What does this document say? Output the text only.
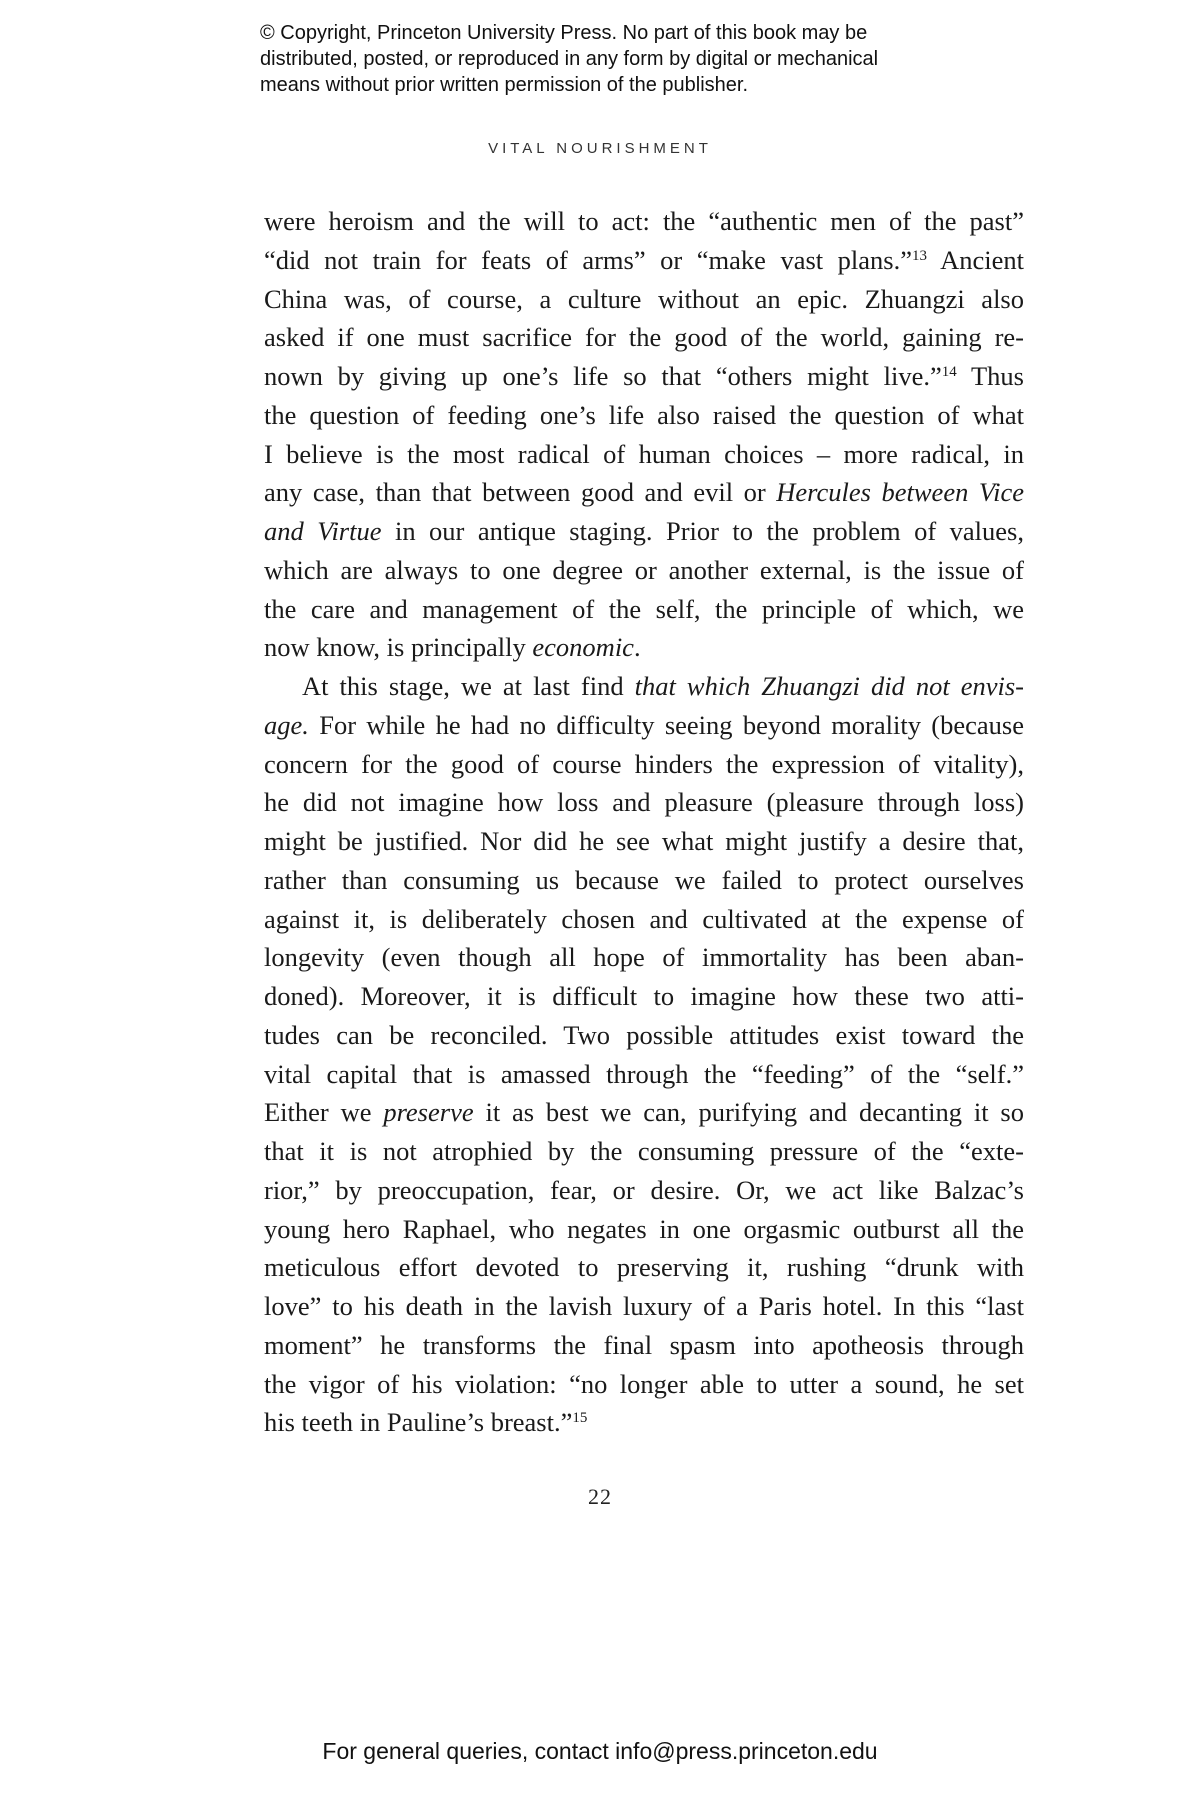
© Copyright, Princeton University Press. No part of this book may be
distributed, posted, or reproduced in any form by digital or mechanical
means without prior written permission of the publisher.
VITAL NOURISHMENT
were heroism and the will to act: the “authentic men of the past”
“did not train for feats of arms” or “make vast plans.”$^{13}$ Ancient
China was, of course, a culture without an epic. Zhuangzi also
asked if one must sacrifice for the good of the world, gaining re-
nown by giving up one’s life so that “others might live.”$^{14}$ Thus
the question of feeding one’s life also raised the question of what
I believe is the most radical of human choices – more radical, in
any case, than that between good and evil or Hercules between Vice
and Virtue in our antique staging. Prior to the problem of values,
which are always to one degree or another external, is the issue of
the care and management of the self, the principle of which, we
now know, is principally economic.
At this stage, we at last find that which Zhuangzi did not envis-
age. For while he had no difficulty seeing beyond morality (because
concern for the good of course hinders the expression of vitality),
he did not imagine how loss and pleasure (pleasure through loss)
might be justified. Nor did he see what might justify a desire that,
rather than consuming us because we failed to protect ourselves
against it, is deliberately chosen and cultivated at the expense of
longevity (even though all hope of immortality has been aban-
doned). Moreover, it is difficult to imagine how these two atti-
tudes can be reconciled. Two possible attitudes exist toward the
vital capital that is amassed through the “feeding” of the “self.”
Either we preserve it as best we can, purifying and decanting it so
that it is not atrophied by the consuming pressure of the “exte-
rior,” by preoccupation, fear, or desire. Or, we act like Balzac’s
young hero Raphael, who negates in one orgasmic outburst all the
meticulous effort devoted to preserving it, rushing “drunk with
love” to his death in the lavish luxury of a Paris hotel. In this “last
moment” he transforms the final spasm into apotheosis through
the vigor of his violation: “no longer able to utter a sound, he set
his teeth in Pauline’s breast.”$^{15}$
22
For general queries, contact info@press.princeton.edu
